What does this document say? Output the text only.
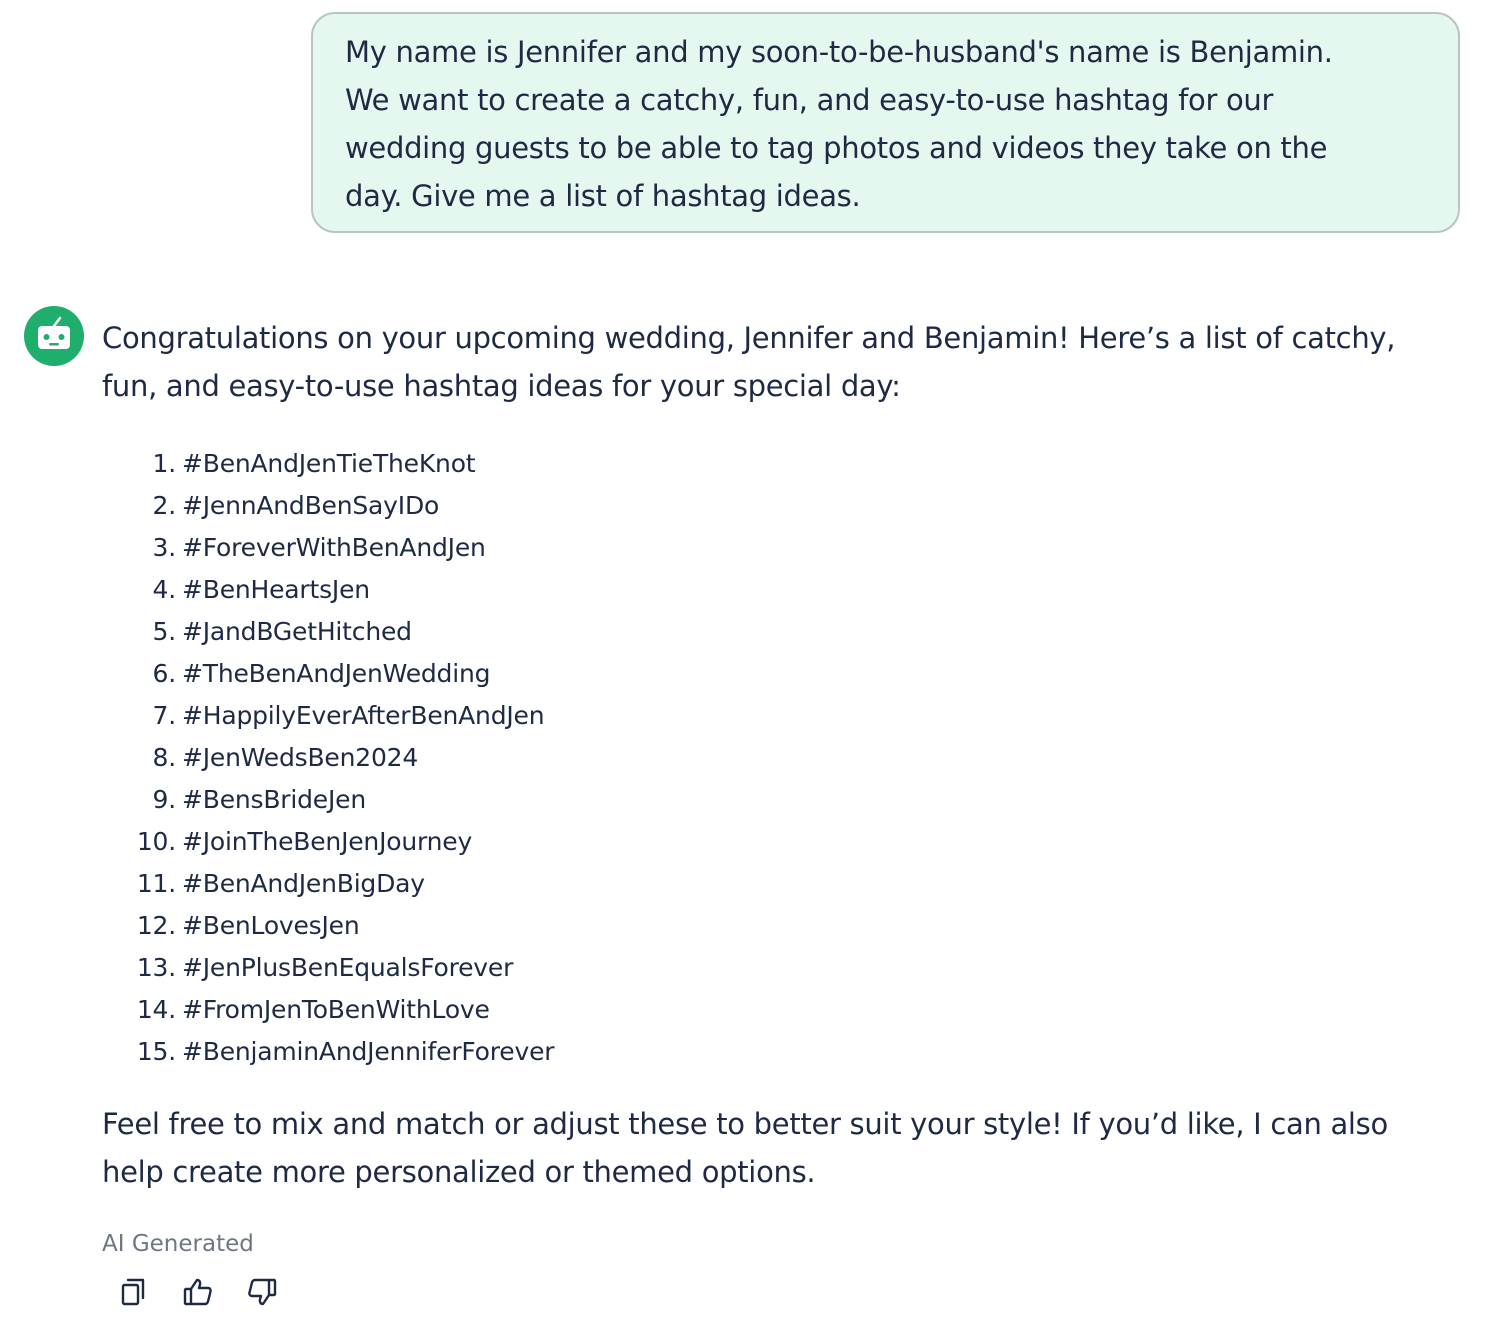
My name is Jennifer and my soon-to-be-husband's name is Benjamin.
We want to create a catchy, fun, and easy-to-use hashtag for our
wedding guests to be able to tag photos and videos they take on the
day. Give me a list of hashtag ideas.

Congratulations on your upcoming wedding, Jennifer and Benjamin! Here’s a list of catchy,
fun, and easy-to-use hashtag ideas for your special day:

1. #BenAndJenTieTheKnot
2. #JennAndBenSayIDo
3. #ForeverWithBenAndJen
4. #BenHeartsJen
5. #JandBGetHitched
6. #TheBenAndJenWedding
7. #HappilyEverAfterBenAndJen
8. #JenWedsBen2024
9. #BensBrideJen
10. #JoinTheBenJenJourney
11. #BenAndJenBigDay
12. #BenLovesJen
13. #JenPlusBenEqualsForever
14. #FromJenToBenWithLove
15. #BenjaminAndJenniferForever

Feel free to mix and match or adjust these to better suit your style! If you’d like, I can also
help create more personalized or themed options.

AI Generated
